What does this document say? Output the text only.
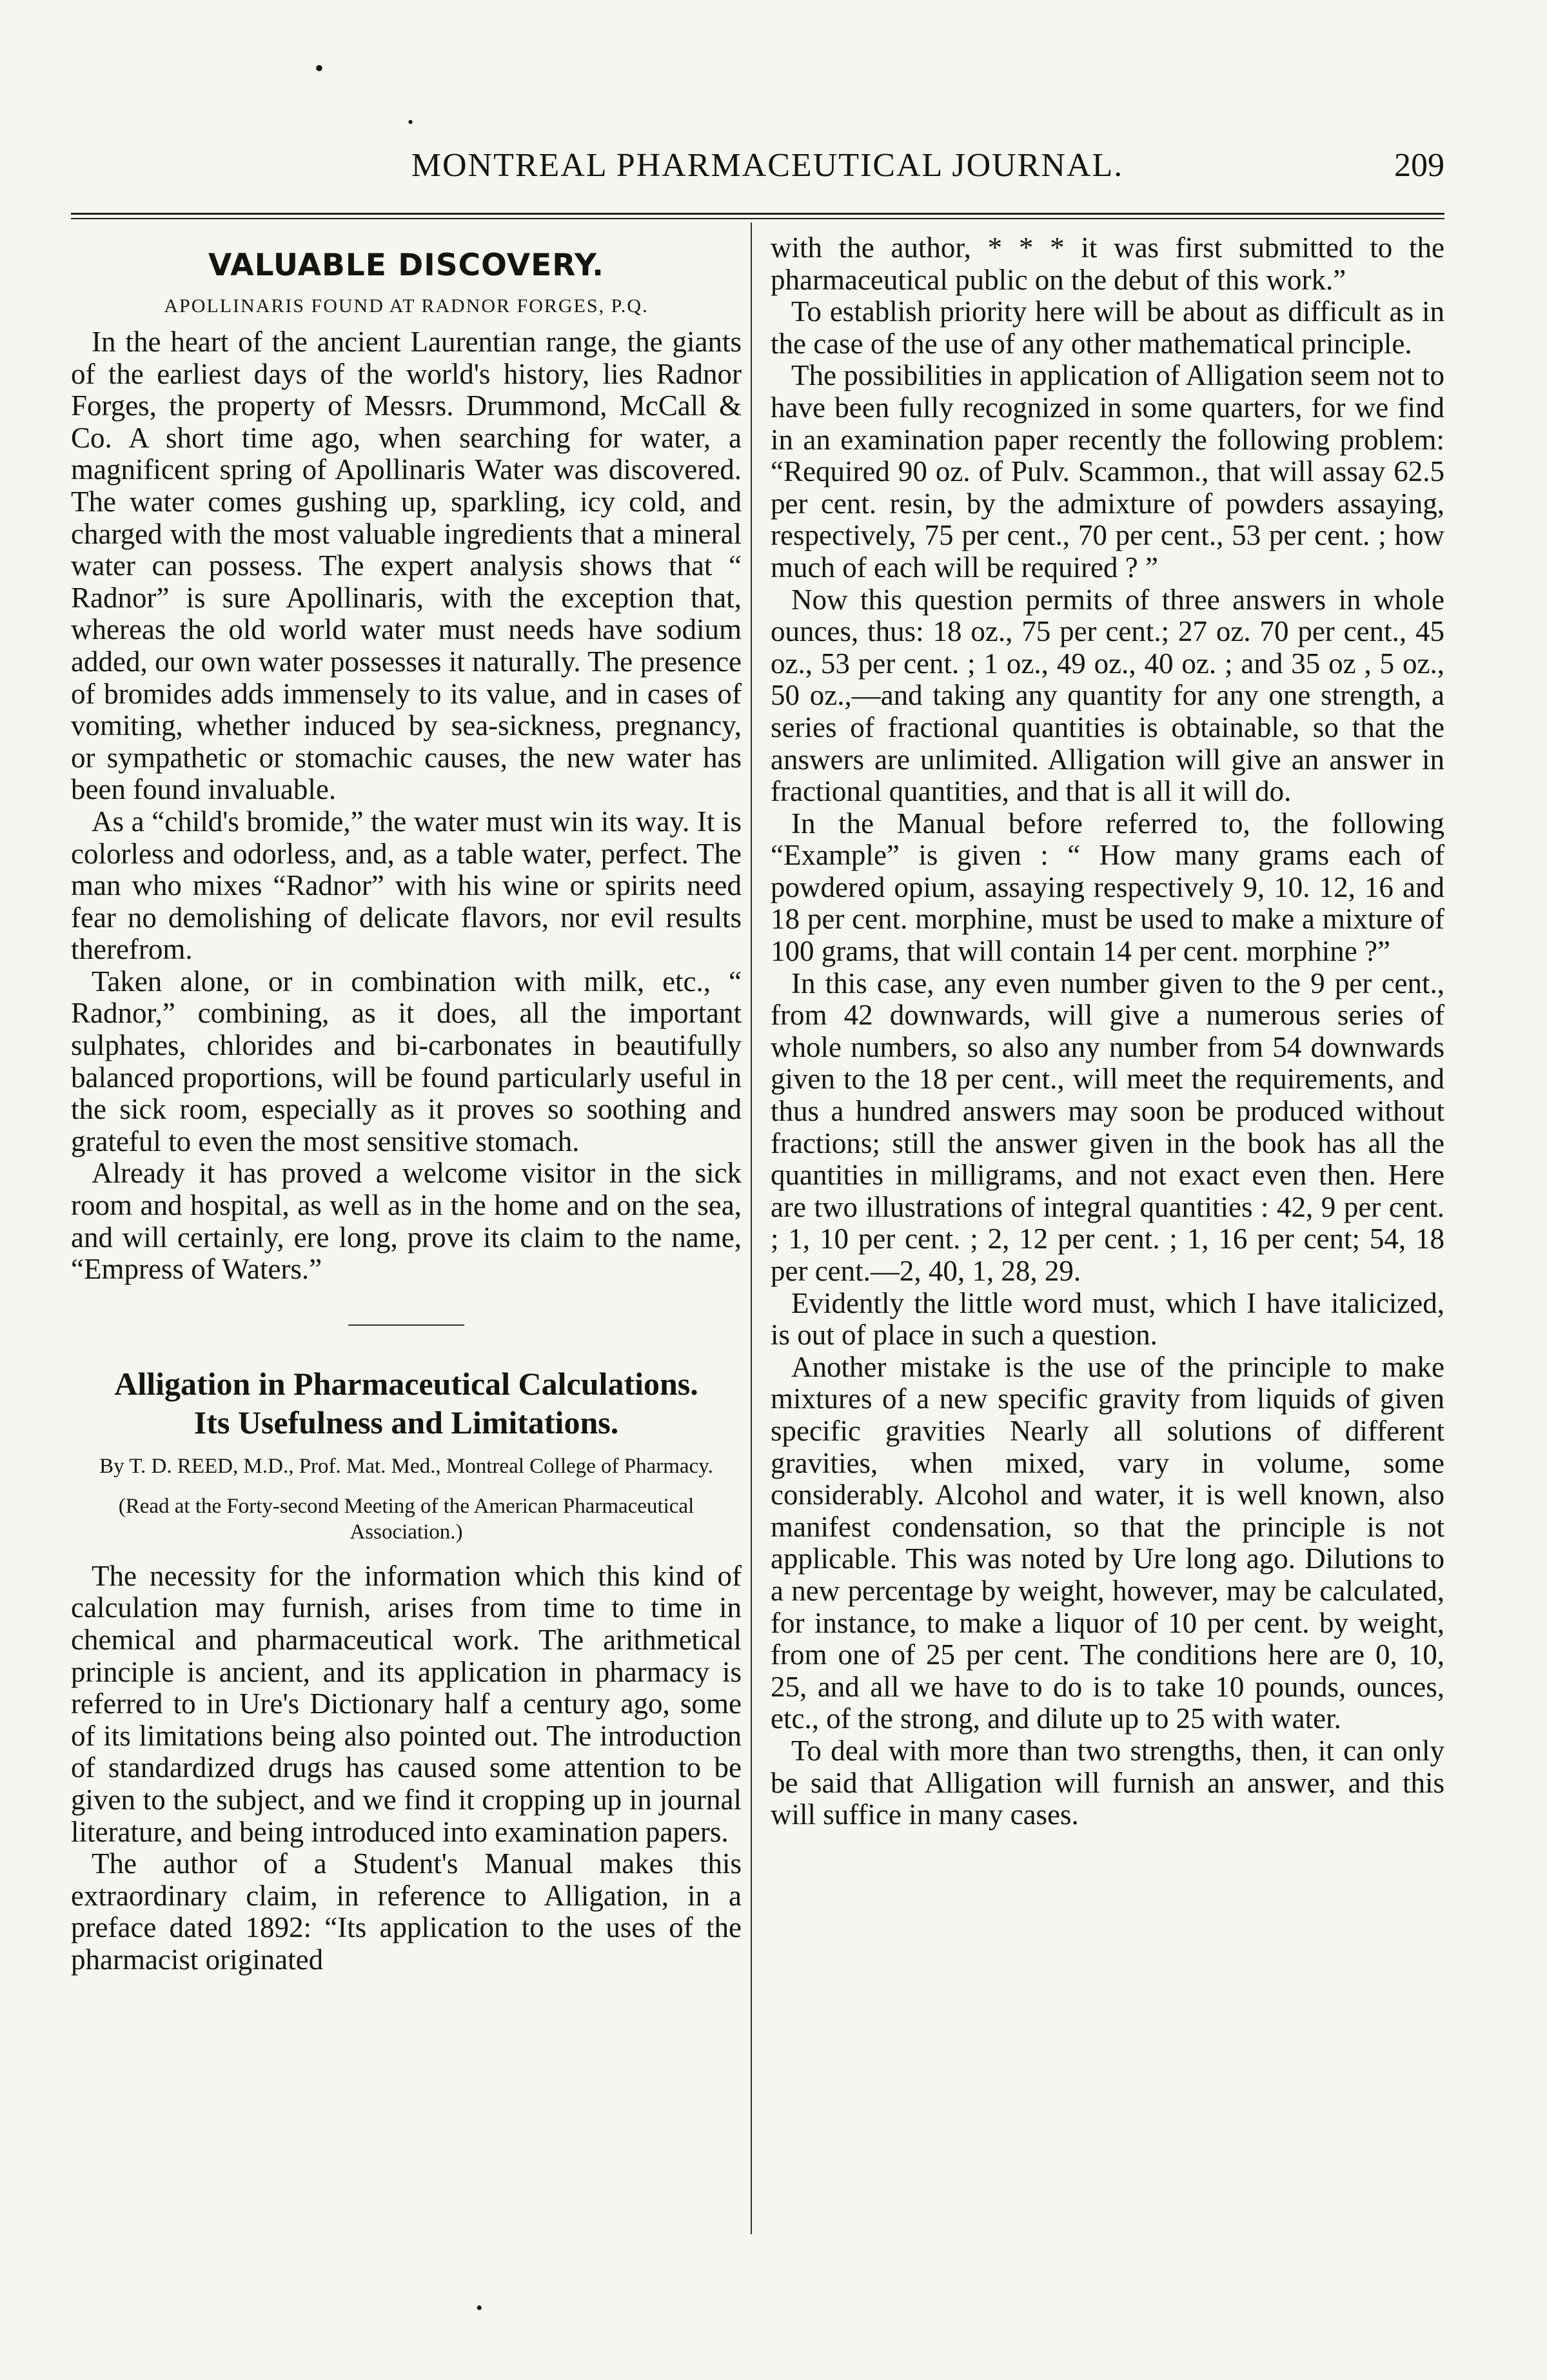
•
•
•
MONTREAL PHARMACEUTICAL JOURNAL.	209
VALUABLE DISCOVERY.
APOLLINARIS FOUND AT RADNOR FORGES, P.Q.

In the heart of the ancient Laurentian range, the giants of the earliest days of the world's history, lies Radnor Forges, the property of Messrs. Drummond, McCall & Co. A short time ago, when searching for water, a magnificent spring of Apollinaris Water was discovered. The water comes gushing up, sparkling, icy cold, and charged with the most valuable ingredients that a mineral water can possess. The expert analysis shows that “ Radnor” is sure Apollinaris, with the exception that, whereas the old world water must needs have sodium added, our own water possesses it naturally. The presence of bromides adds immensely to its value, and in cases of vomiting, whether induced by sea-sickness, pregnancy, or sympathetic or stomachic causes, the new water has been found invaluable.

As a “child's bromide,” the water must win its way. It is colorless and odorless, and, as a table water, perfect. The man who mixes “Radnor” with his wine or spirits need fear no demolishing of delicate flavors, nor evil results therefrom.

Taken alone, or in combination with milk, etc., “ Radnor,” combining, as it does, all the important sulphates, chlorides and bi-carbonates in beautifully balanced proportions, will be found particularly useful in the sick room, especially as it proves so soothing and grateful to even the most sensitive stomach.

Already it has proved a welcome visitor in the sick room and hospital, as well as in the home and on the sea, and will certainly, ere long, prove its claim to the name, “Empress of Waters.”

Alligation in Pharmaceutical Calculations.
Its Usefulness and Limitations.
By T. D. REED, M.D., Prof. Mat. Med., Montreal College of Pharmacy.
(Read at the Forty-second Meeting of the American Pharmaceutical Association.)

The necessity for the information which this kind of calculation may furnish, arises from time to time in chemical and pharmaceutical work. The arithmetical principle is ancient, and its application in pharmacy is referred to in Ure's Dictionary half a century ago, some of its limitations being also pointed out. The introduction of standardized drugs has caused some attention to be given to the subject, and we find it cropping up in journal literature, and being introduced into examination papers.

The author of a Student's Manual makes this extraordinary claim, in reference to Alligation, in a preface dated 1892: “Its application to the uses of the pharmacist originated

with the author, * * * it was first submitted to the pharmaceutical public on the debut of this work.”

To establish priority here will be about as difficult as in the case of the use of any other mathematical principle.

The possibilities in application of Alligation seem not to have been fully recognized in some quarters, for we find in an examination paper recently the following problem: “Required 90 oz. of Pulv. Scammon., that will assay 62.5 per cent. resin, by the admixture of powders assaying, respectively, 75 per cent., 70 per cent., 53 per cent. ; how much of each will be required ? ”

Now this question permits of three answers in whole ounces, thus: 18 oz., 75 per cent.; 27 oz. 70 per cent., 45 oz., 53 per cent. ; 1 oz., 49 oz., 40 oz. ; and 35 oz , 5 oz., 50 oz.,—and taking any quantity for any one strength, a series of fractional quantities is obtainable, so that the answers are unlimited. Alligation will give an answer in fractional quantities, and that is all it will do.

In the Manual before referred to, the following “Example” is given : “ How many grams each of powdered opium, assaying respectively 9, 10. 12, 16 and 18 per cent. morphine, must be used to make a mixture of 100 grams, that will contain 14 per cent. morphine ?”

In this case, any even number given to the 9 per cent., from 42 downwards, will give a numerous series of whole numbers, so also any number from 54 downwards given to the 18 per cent., will meet the requirements, and thus a hundred answers may soon be produced without fractions; still the answer given in the book has all the quantities in milligrams, and not exact even then. Here are two illustrations of integral quantities : 42, 9 per cent. ; 1, 10 per cent. ; 2, 12 per cent. ; 1, 16 per cent; 54, 18 per cent.—2, 40, 1, 28, 29.

Evidently the little word must, which I have italicized, is out of place in such a question.

Another mistake is the use of the principle to make mixtures of a new specific gravity from liquids of given specific gravities Nearly all solutions of different gravities, when mixed, vary in volume, some considerably. Alcohol and water, it is well known, also manifest condensation, so that the principle is not applicable. This was noted by Ure long ago. Dilutions to a new percentage by weight, however, may be calculated, for instance, to make a liquor of 10 per cent. by weight, from one of 25 per cent. The conditions here are 0, 10, 25, and all we have to do is to take 10 pounds, ounces, etc., of the strong, and dilute up to 25 with water.

To deal with more than two strengths, then, it can only be said that Alligation will furnish an answer, and this will suffice in many cases.
